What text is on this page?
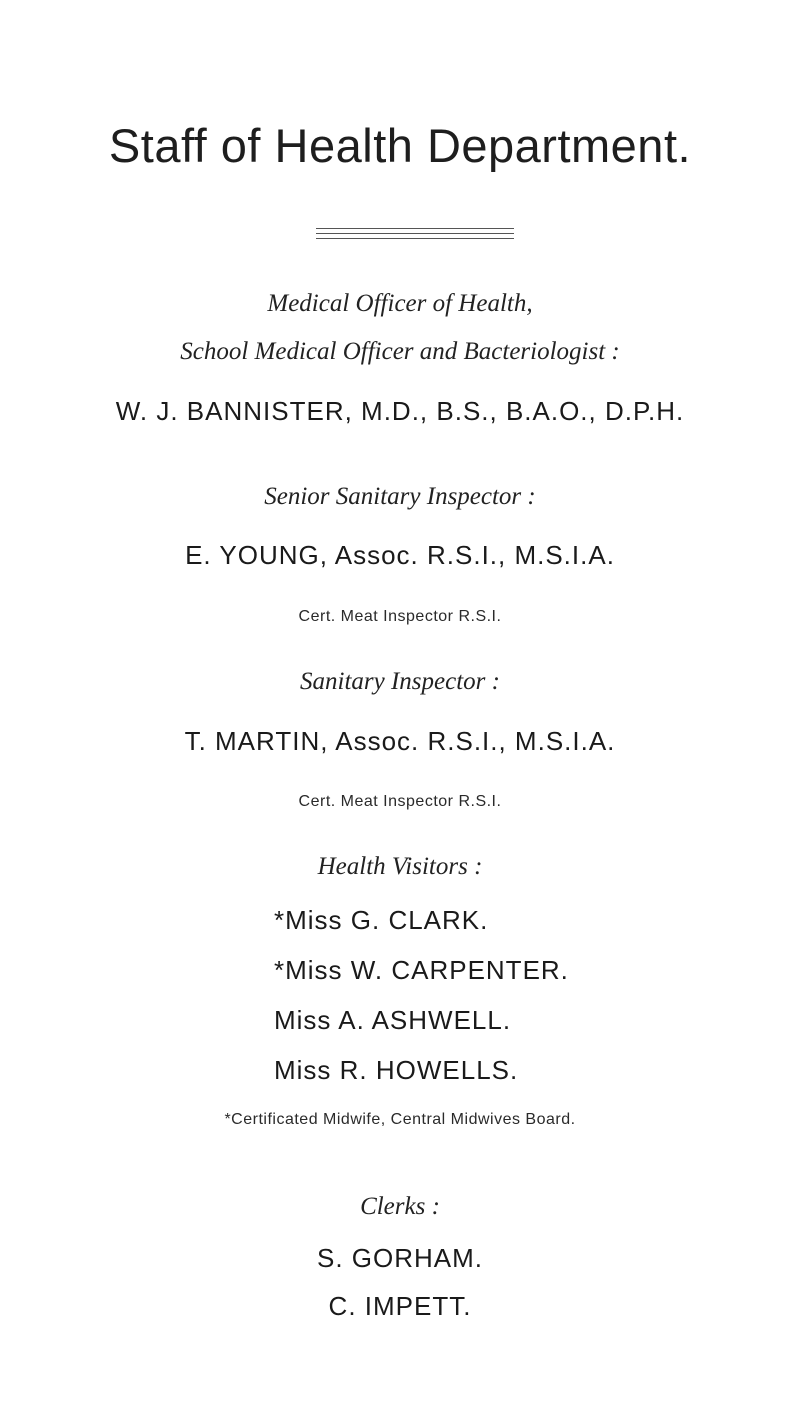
Staff of Health Department.
Medical Officer of Health,
School Medical Officer and Bacteriologist :
W. J. BANNISTER, M.D., B.S., B.A.O., D.P.H.
Senior Sanitary Inspector :
E. YOUNG, Assoc. R.S.I., M.S.I.A.
Cert. Meat Inspector R.S.I.
Sanitary Inspector :
T. MARTIN, Assoc. R.S.I., M.S.I.A.
Cert. Meat Inspector R.S.I.
Health Visitors :
*Miss G. CLARK.
*Miss W. CARPENTER.
Miss A. ASHWELL.
Miss R. HOWELLS.
*Certificated Midwife, Central Midwives Board.
Clerks :
S. GORHAM.
C. IMPETT.
